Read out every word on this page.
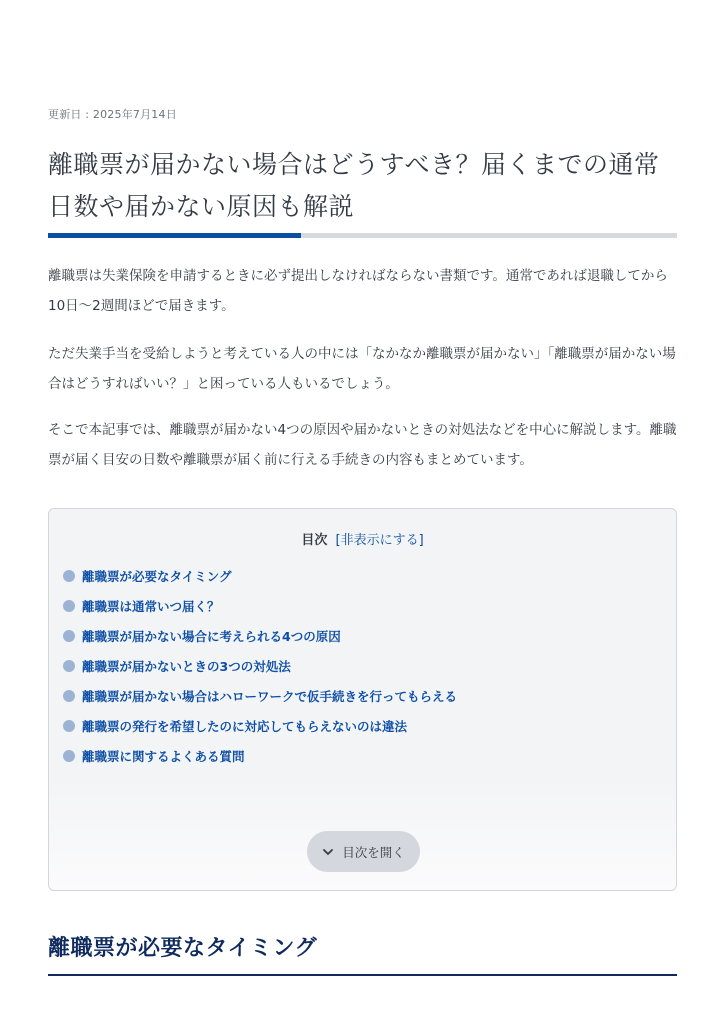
更新日 : 2025年7月14日
離職票が届かない場合はどうすべき？届くまでの通常日数や届かない原因も解説

離職票は失業保険を申請するときに必ず提出しなければならない書類です。通常であれば退職してから10日〜2週間ほどで届きます。

ただ失業手当を受給しようと考えている人の中には「なかなか離職票が届かない」「離職票が届かない場合はどうすればいい？」と困っている人もいるでしょう。

そこで本記事では、離職票が届かない4つの原因や届かないときの対処法などを中心に解説します。離職票が届く目安の日数や離職票が届く前に行える手続きの内容もまとめています。

目次 [非表示にする]
離職票が必要なタイミング
離職票は通常いつ届く？
離職票が届かない場合に考えられる4つの原因
離職票が届かないときの3つの対処法
離職票が届かない場合はハローワークで仮手続きを行ってもらえる
離職票の発行を希望したのに対応してもらえないのは違法
離職票に関するよくある質問
目次を開く
離職票が必要なタイミング
